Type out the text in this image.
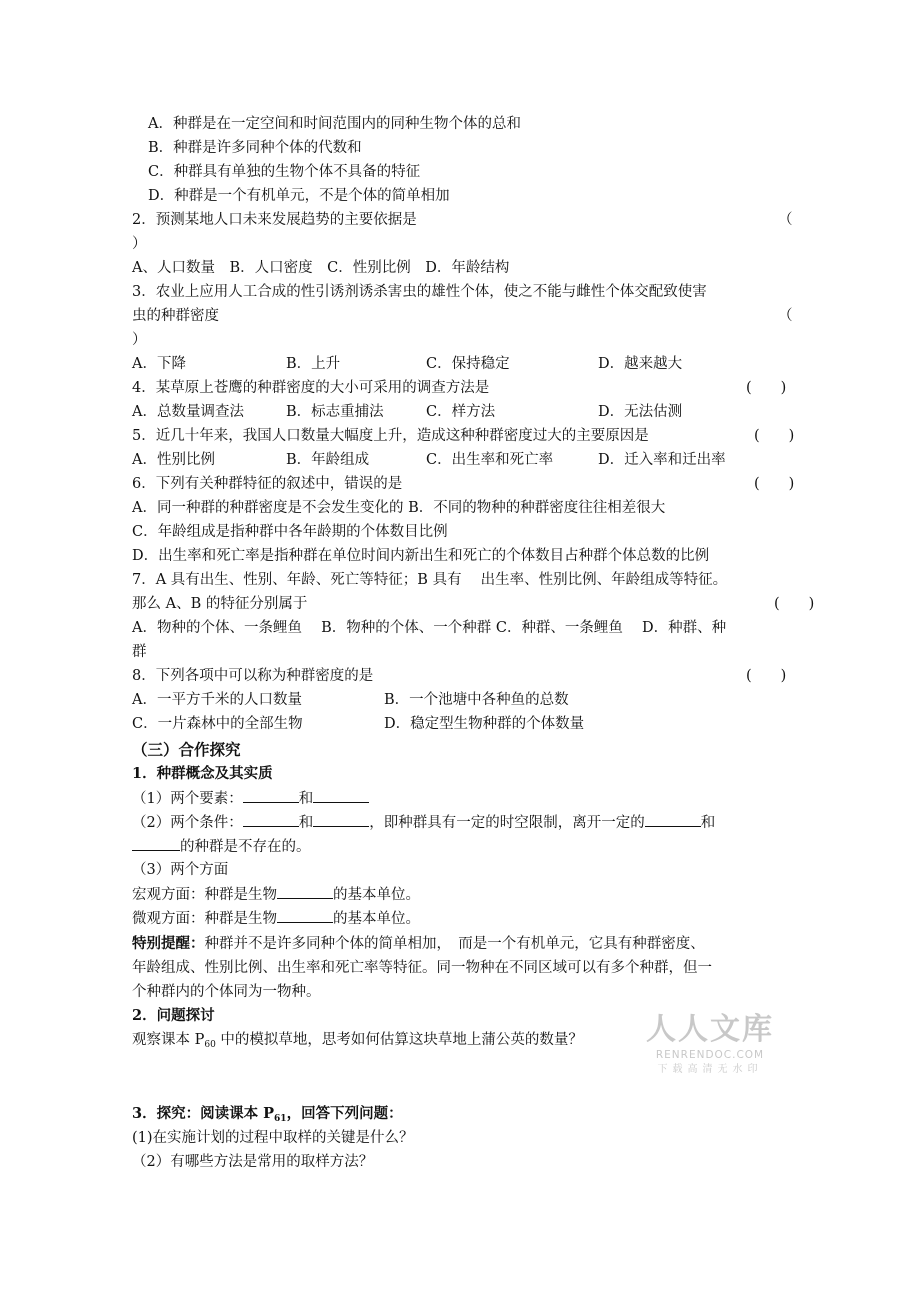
A．种群是在一定空间和时间范围内的同种生物个体的总和
B．种群是许多同种个体的代数和
C．种群具有单独的生物个体不具备的特征
D．种群是一个有机单元，不是个体的简单相加
2．预测某地人口未来发展趋势的主要依据是	（
）
A、人口数量　B．人口密度　C．性别比例　D．年龄结构
3．农业上应用人工合成的性引诱剂诱杀害虫的雄性个体，使之不能与雌性个体交配致使害
虫的种群密度	（
）
A．下降	B．上升	C．保持稳定	D．越来越大
4．某草原上苍鹰的种群密度的大小可采用的调查方法是	(　　)
A．总数量调查法	B．标志重捕法	C．样方法	D．无法估测
5．近几十年来，我国人口数量大幅度上升，造成这种种群密度过大的主要原因是	(　　)
A．性别比例	B．年龄组成	C．出生率和死亡率	D．迁入率和迁出率
6．下列有关种群特征的叙述中，错误的是	(　　)
A．同一种群的种群密度是不会发生变化的 B．不同的物种的种群密度往往相差很大
C．年龄组成是指种群中各年龄期的个体数目比例
D．出生率和死亡率是指种群在单位时间内新出生和死亡的个体数目占种群个体总数的比例
7．A 具有出生、性别、年龄、死亡等特征；B 具有　 出生率、性别比例、年龄组成等特征。
那么 A、B 的特征分别属于	(　　)
A．物种的个体、一条鲤鱼　 B．物种的个体、一个种群 C．种群、一条鲤鱼　 D．种群、种
群
8．下列各项中可以称为种群密度的是	(　　)
A．一平方千米的人口数量	B．一个池塘中各种鱼的总数
C．一片森林中的全部生物	D．稳定型生物种群的个体数量
（三）合作探究
1．种群概念及其实质
（1）两个要素：	和
（2）两个条件：	和	，即种群具有一定的时空限制，离开一定的	和
的种群是不存在的。
（3）两个方面
宏观方面：种群是生物	的基本单位。
微观方面：种群是生物	的基本单位。
特别提醒：种群并不是许多同种个体的简单相加，　而是一个有机单元，它具有种群密度、
年龄组成、性别比例、出生率和死亡率等特征。同一物种在不同区域可以有多个种群，但一
个种群内的个体同为一物种。
2．问题探讨
观察课本 $P_{60}$ 中的模拟草地，思考如何估算这块草地上蒲公英的数量？ 人人文库
RENRENDOC.COM
下载高清无水印
3．探究：阅读课本 $P_{61}$，回答下列问题：
(1)在实施计划的过程中取样的关键是什么？
（2）有哪些方法是常用的取样方法？
